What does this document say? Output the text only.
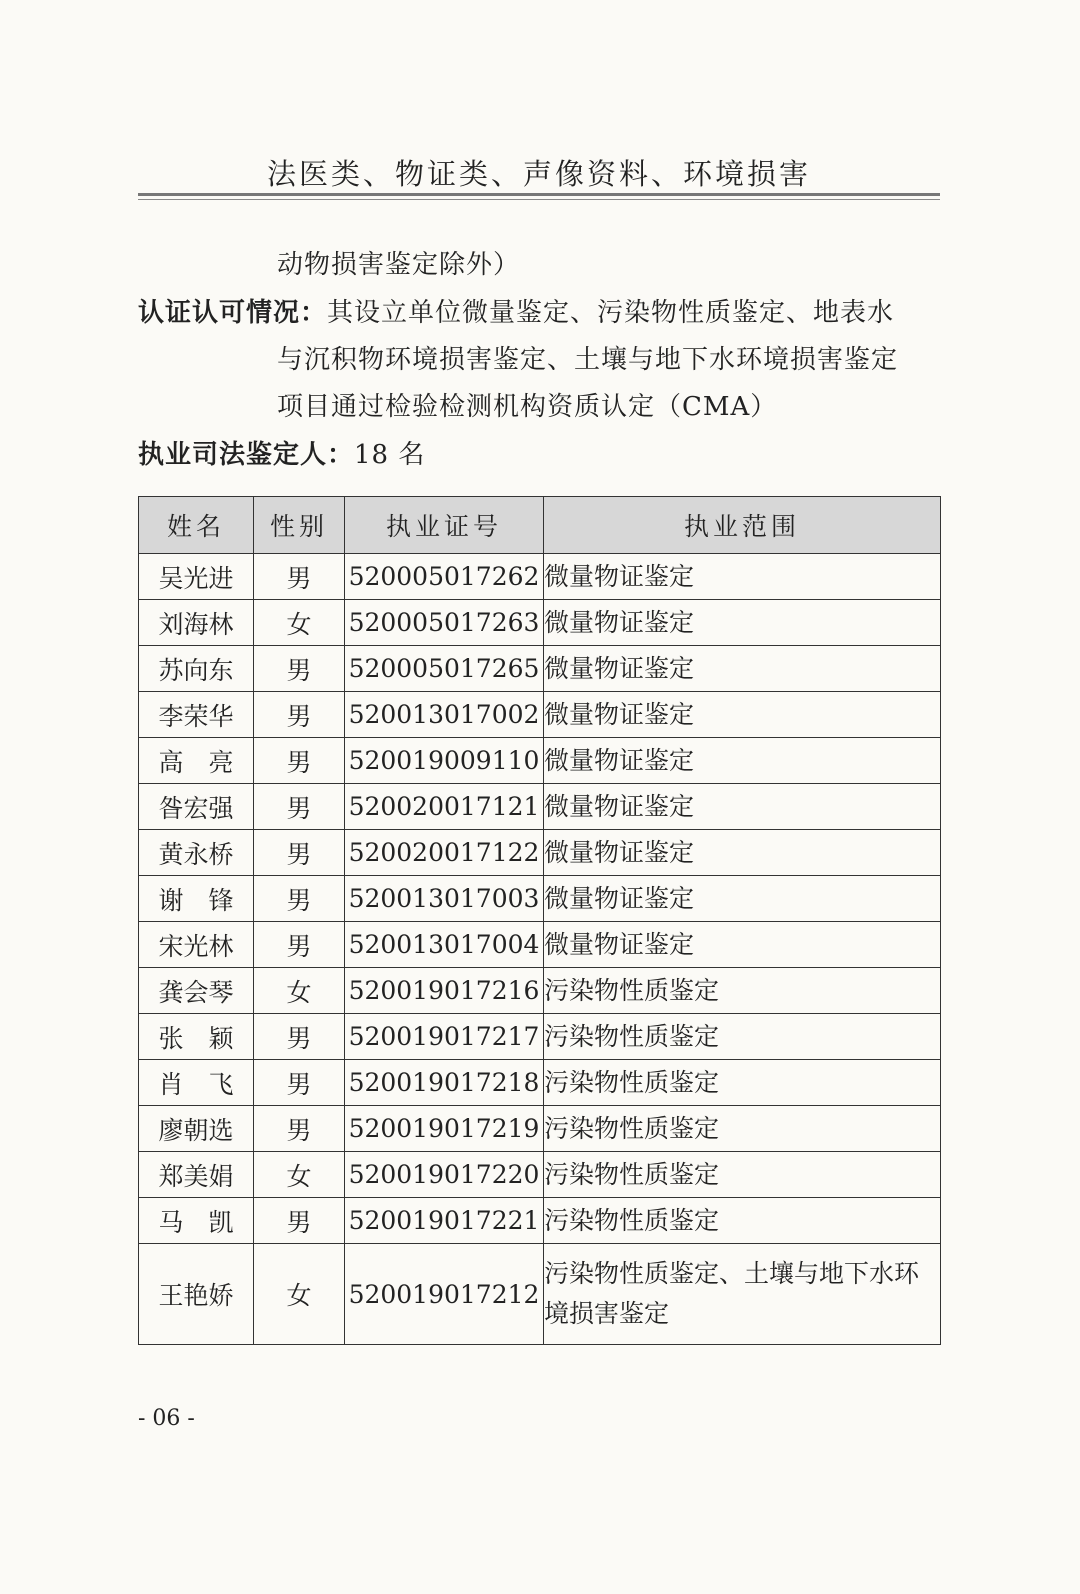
法医类、物证类、声像资料、环境损害
动物损害鉴定除外）
认证认可情况：其设立单位微量鉴定、污染物性质鉴定、地表水
与沉积物环境损害鉴定、土壤与地下水环境损害鉴定
项目通过检验检测机构资质认定（CMA）
执业司法鉴定人：18 名
姓名	性别	执业证号	执业范围
吴光进	男	520005017262	微量物证鉴定
刘海林	女	520005017263	微量物证鉴定
苏向东	男	520005017265	微量物证鉴定
李荣华	男	520013017002	微量物证鉴定
高　亮	男	520019009110	微量物证鉴定
昝宏强	男	520020017121	微量物证鉴定
黄永桥	男	520020017122	微量物证鉴定
谢　锋	男	520013017003	微量物证鉴定
宋光林	男	520013017004	微量物证鉴定
龚会琴	女	520019017216	污染物性质鉴定
张　颖	男	520019017217	污染物性质鉴定
肖　飞	男	520019017218	污染物性质鉴定
廖朝选	男	520019017219	污染物性质鉴定
郑美娟	女	520019017220	污染物性质鉴定
马　凯	男	520019017221	污染物性质鉴定
王艳娇	女	520019017212	污染物性质鉴定、土壤与地下水环境损害鉴定
- 06 -
